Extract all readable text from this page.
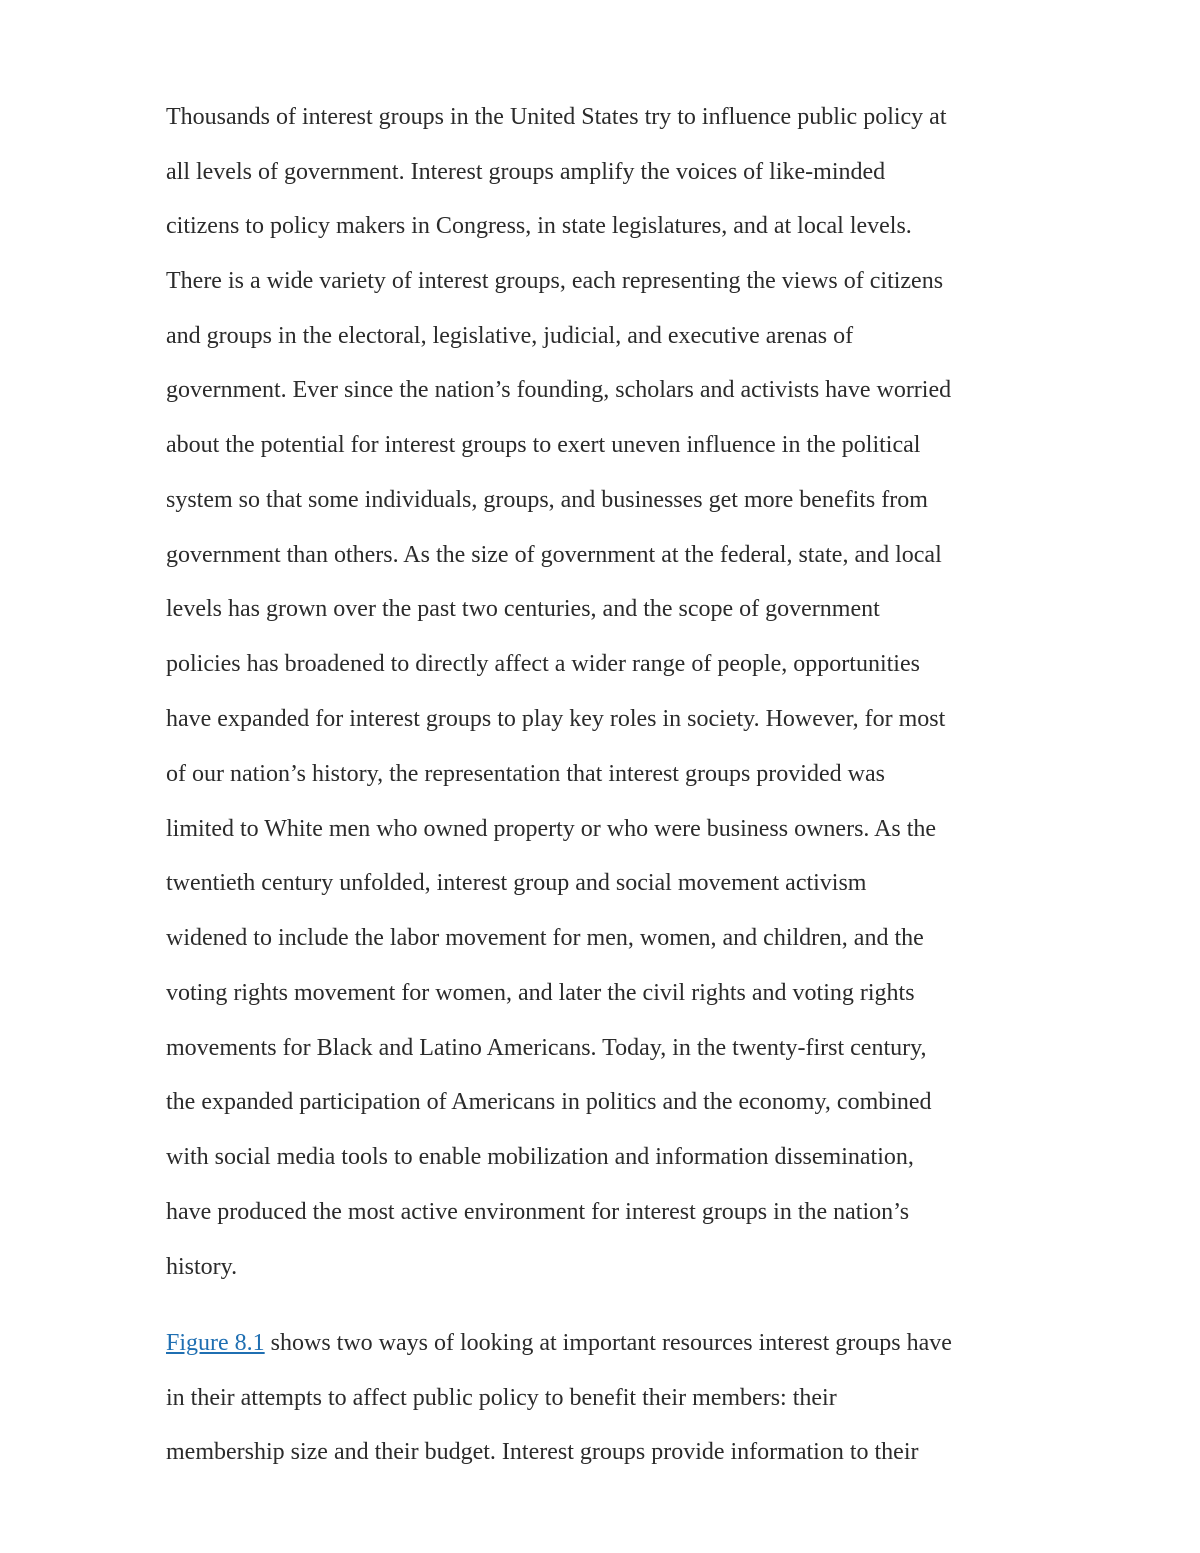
Thousands of interest groups in the United States try to influence public policy at

all levels of government. Interest groups amplify the voices of like-minded

citizens to policy makers in Congress, in state legislatures, and at local levels.

There is a wide variety of interest groups, each representing the views of citizens

and groups in the electoral, legislative, judicial, and executive arenas of

government. Ever since the nation’s founding, scholars and activists have worried

about the potential for interest groups to exert uneven influence in the political

system so that some individuals, groups, and businesses get more benefits from

government than others. As the size of government at the federal, state, and local

levels has grown over the past two centuries, and the scope of government

policies has broadened to directly affect a wider range of people, opportunities

have expanded for interest groups to play key roles in society. However, for most

of our nation’s history, the representation that interest groups provided was

limited to White men who owned property or who were business owners. As the

twentieth century unfolded, interest group and social movement activism

widened to include the labor movement for men, women, and children, and the

voting rights movement for women, and later the civil rights and voting rights

movements for Black and Latino Americans. Today, in the twenty-first century,

the expanded participation of Americans in politics and the economy, combined

with social media tools to enable mobilization and information dissemination,

have produced the most active environment for interest groups in the nation’s

history.

Figure 8.1 shows two ways of looking at important resources interest groups have

in their attempts to affect public policy to benefit their members: their

membership size and their budget. Interest groups provide information to their
